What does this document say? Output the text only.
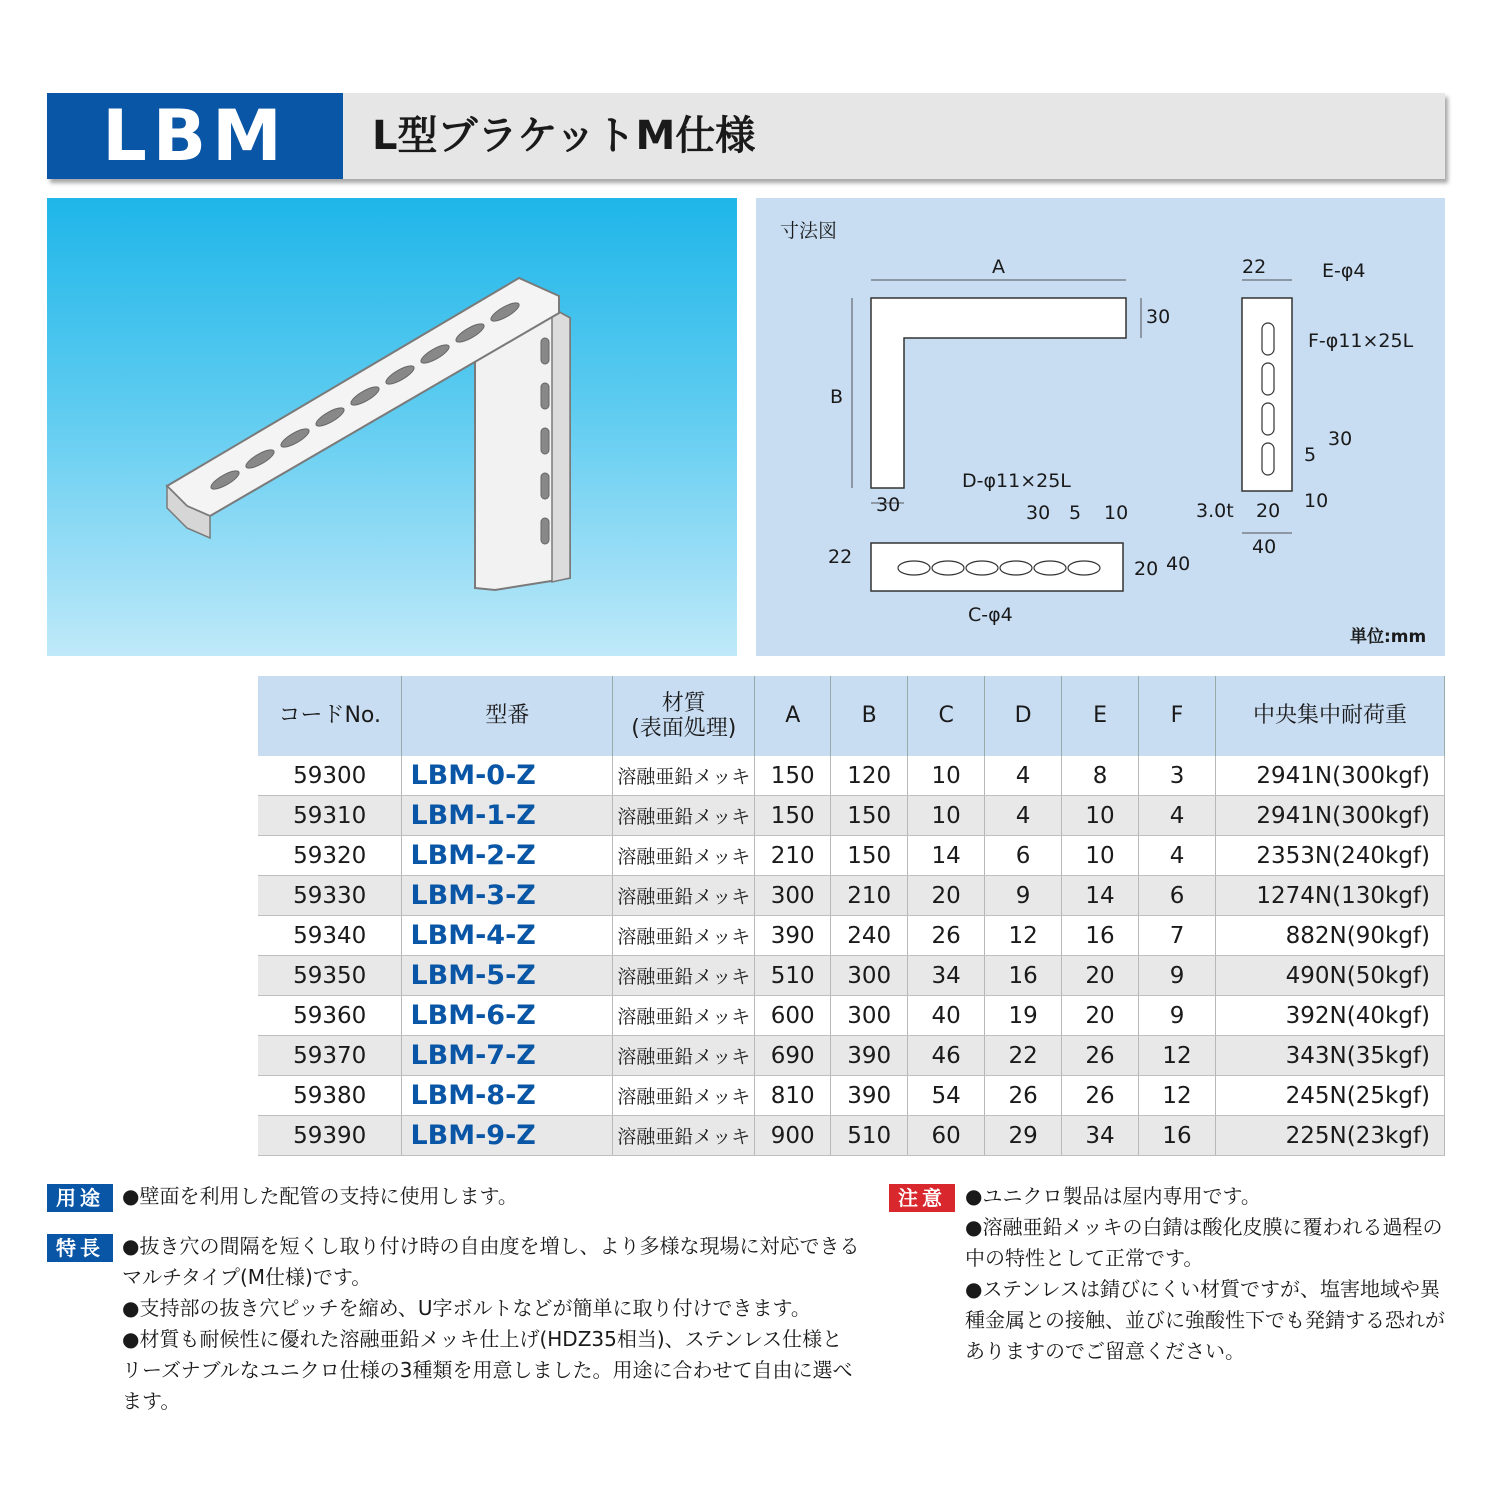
LBM	L型ブラケットM仕様
寸法図
A
B
30
30
D-φ11×25L
30 5 10
22
20 40
C-φ4
22	E-φ4
F-φ11×25L
30
5
10
3.0t 20
40
単位:mm
コードNo.	型番	材質
(表面処理)	A	B	C	D	E	F	中央集中耐荷重
59300	LBM-0-Z	溶融亜鉛メッキ	150	120	10	4	8	3	2941N(300kgf)
59310	LBM-1-Z	溶融亜鉛メッキ	150	150	10	4	10	4	2941N(300kgf)
59320	LBM-2-Z	溶融亜鉛メッキ	210	150	14	6	10	4	2353N(240kgf)
59330	LBM-3-Z	溶融亜鉛メッキ	300	210	20	9	14	6	1274N(130kgf)
59340	LBM-4-Z	溶融亜鉛メッキ	390	240	26	12	16	7	882N(90kgf)
59350	LBM-5-Z	溶融亜鉛メッキ	510	300	34	16	20	9	490N(50kgf)
59360	LBM-6-Z	溶融亜鉛メッキ	600	300	40	19	20	9	392N(40kgf)
59370	LBM-7-Z	溶融亜鉛メッキ	690	390	46	22	26	12	343N(35kgf)
59380	LBM-8-Z	溶融亜鉛メッキ	810	390	54	26	26	12	245N(25kgf)
59390	LBM-9-Z	溶融亜鉛メッキ	900	510	60	29	34	16	225N(23kgf)
用途 ●壁面を利用した配管の支持に使用します。
特長 ●抜き穴の間隔を短くし取り付け時の自由度を増し、より多様な現場に対応できるマルチタイプ(M仕様)です。
●支持部の抜き穴ピッチを縮め、U字ボルトなどが簡単に取り付けできます。
●材質も耐候性に優れた溶融亜鉛メッキ仕上げ(HDZ35相当)、ステンレス仕様とリーズナブルなユニクロ仕様の3種類を用意しました。用途に合わせて自由に選べます。
注意 ●ユニクロ製品は屋内専用です。
●溶融亜鉛メッキの白錆は酸化皮膜に覆われる過程の中の特性として正常です。
●ステンレスは錆びにくい材質ですが、塩害地域や異種金属との接触、並びに強酸性下でも発錆する恐れがありますのでご留意ください。
